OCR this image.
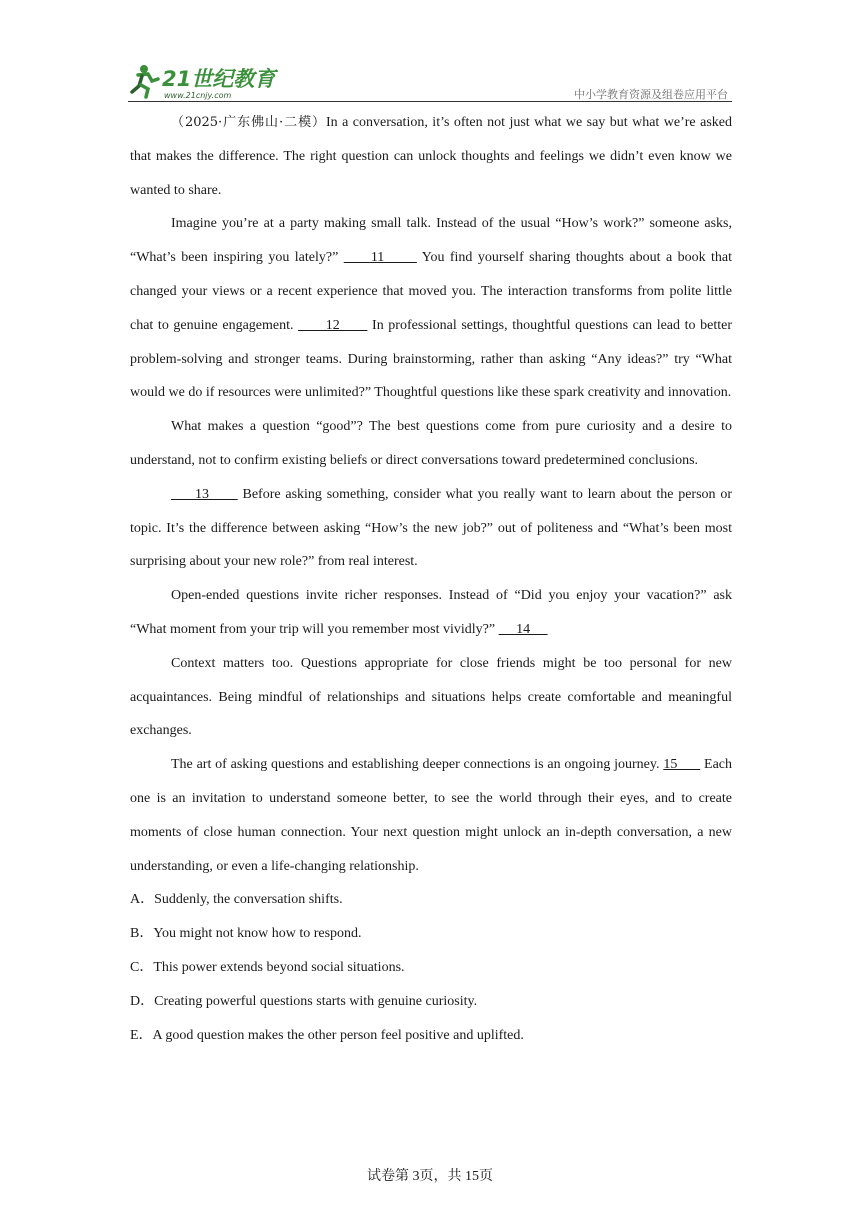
21世纪教育
www.21cnjy.com	中小学教育资源及组卷应用平台

（2025·广东佛山·二模）In a conversation, it’s often not just what we say but what we’re asked that makes the difference. The right question can unlock thoughts and feelings we didn’t even know we wanted to share.

Imagine you’re at a party making small talk. Instead of the usual “How’s work?” someone asks, “What’s been inspiring you lately?”      11       You find yourself sharing thoughts about a book that changed your views or a recent experience that moved you. The interaction transforms from polite little chat to genuine engagement.       12       In professional settings, thoughtful questions can lead to better problem-solving and stronger teams. During brainstorming, rather than asking “Any ideas?” try “What would we do if resources were unlimited?” Thoughtful questions like these spark creativity and innovation.

What makes a question “good”? The best questions come from pure curiosity and a desire to understand, not to confirm existing beliefs or direct conversations toward predetermined conclusions.

13       Before asking something, consider what you really want to learn about the person or topic. It’s the difference between asking “How’s the new job?” out of politeness and “What’s been most surprising about your new role?” from real interest.

Open-ended questions invite richer responses. Instead of “Did you enjoy your vacation?” ask “What moment from your trip will you remember most vividly?”      14

Context matters too. Questions appropriate for close friends might be too personal for new acquaintances. Being mindful of relationships and situations helps create comfortable and meaningful exchanges.

The art of asking questions and establishing deeper connections is an ongoing journey. 15       Each one is an invitation to understand someone better, to see the world through their eyes, and to create moments of close human connection. Your next question might unlock an in-depth conversation, a new understanding, or even a life-changing relationship.

A．Suddenly, the conversation shifts.

B．You might not know how to respond.

C．This power extends beyond social situations.

D．Creating powerful questions starts with genuine curiosity.

E．A good question makes the other person feel positive and uplifted.

试卷第 3页，共 15页
